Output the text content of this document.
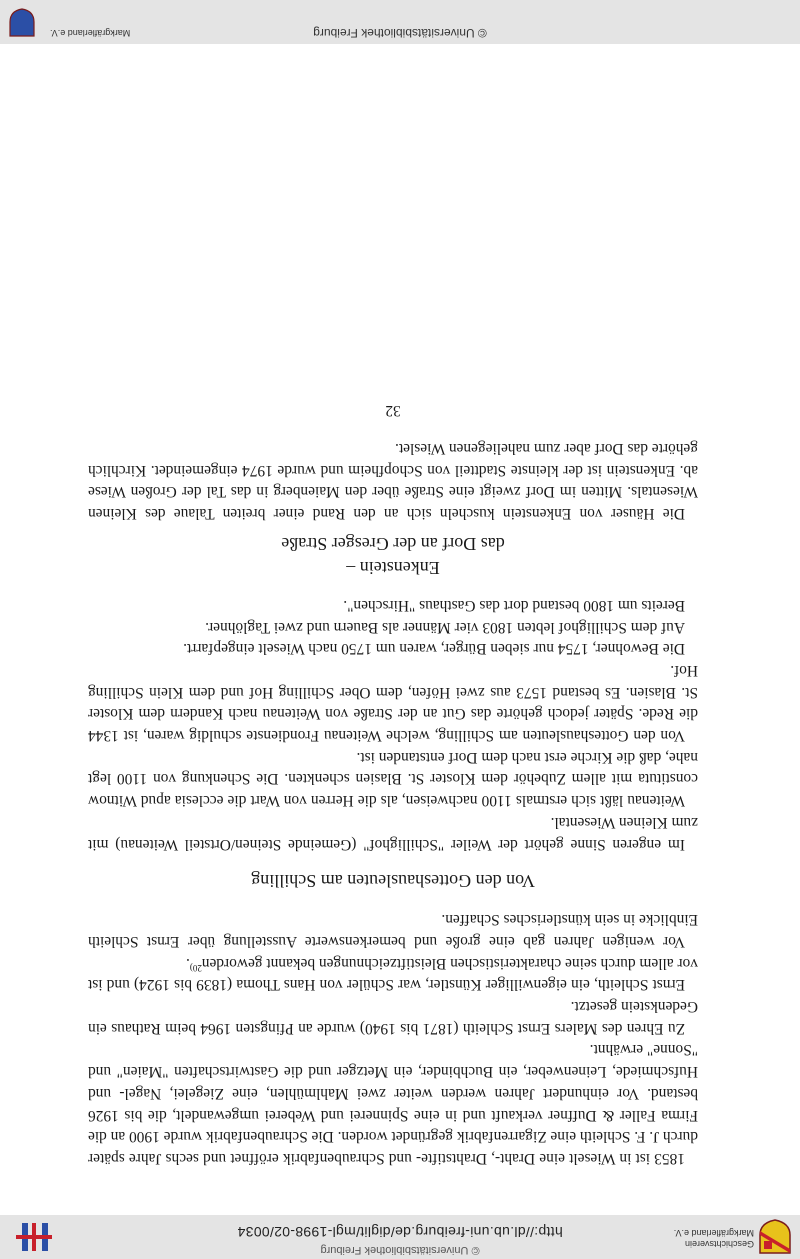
Geschichtsverein Markgräflerland e.V.
© Universitätsbibliothek Freiburg
http://dl.ub.uni-freiburg.de/diglit/mgl-1998-02/0034

1853 ist in Wieselt eine Draht-, Drahtstifte- und Schraubenfabrik eröffnet und sechs Jahre später durch J. F. Schleith eine Zigarrenfabrik gegründet worden. Die Schraubenfabrik wurde 1900 an die Firma Faller & Duffner verkauft und in eine Spinnerei und Weberei umgewandelt, die bis 1926 bestand. Vor einhundert Jahren werden weiter zwei Mahlmühlen, eine Ziegelei, Nagel- und Hufschmiede, Leinenweber, ein Buchbinder, ein Metzger und die Gastwirtschaften "Maien" und "Sonne" erwähnt.

Zu Ehren des Malers Ernst Schleith (1871 bis 1940) wurde an Pfingsten 1964 beim Rathaus ein Gedenkstein gesetzt.

Ernst Schleith, ein eigenwilliger Künstler, war Schüler von Hans Thoma (1839 bis 1924) und ist vor allem durch seine charakteristischen Bleistiftzeichnungen bekannt geworden$^{20)}$.

Vor wenigen Jahren gab eine große und bemerkenswerte Ausstellung über Ernst Schleith Einblicke in sein künstlerisches Schaffen.

Von den Gotteshausleuten am Schilling

Im engeren Sinne gehört der Weiler "Schillighof" (Gemeinde Steinen/Ortsteil Weitenau) mit zum Kleinen Wiesental.

Weitenau läßt sich erstmals 1100 nachweisen, als die Herren von Wart die ecclesia apud Witnow constituta mit allem Zubehör dem Kloster St. Blasien schenkten. Die Schenkung von 1100 legt nahe, daß die Kirche erst nach dem Dorf entstanden ist.

Von den Gotteshausleuten am Schilling, welche Weitenau Frondienste schuldig waren, ist 1344 die Rede. Später jedoch gehörte das Gut an der Straße von Weitenau nach Kandern dem Kloster St. Blasien. Es bestand 1573 aus zwei Höfen, dem Ober Schilling Hof und dem Klein Schilling Hof.

Die Bewohner, 1754 nur sieben Bürger, waren um 1750 nach Wieselt eingepfarrt.

Auf dem Schillighof lebten 1803 vier Männer als Bauern und zwei Taglöhner.

Bereits um 1800 bestand dort das Gasthaus "Hirschen".

Enkenstein –
das Dorf an der Gresger Straße

Die Häuser von Enkenstein kuscheln sich an den Rand einer breiten Talaue des Kleinen Wiesentals. Mitten im Dorf zweigt eine Straße über den Maienberg in das Tal der Großen Wiese ab. Enkenstein ist der kleinste Stadtteil von Schopfheim und wurde 1974 eingemeindet. Kirchlich gehörte das Dorf aber zum naheliegenen Wieslet.

32
© Universitätsbibliothek Freiburg
Markgräflerland e.V.
